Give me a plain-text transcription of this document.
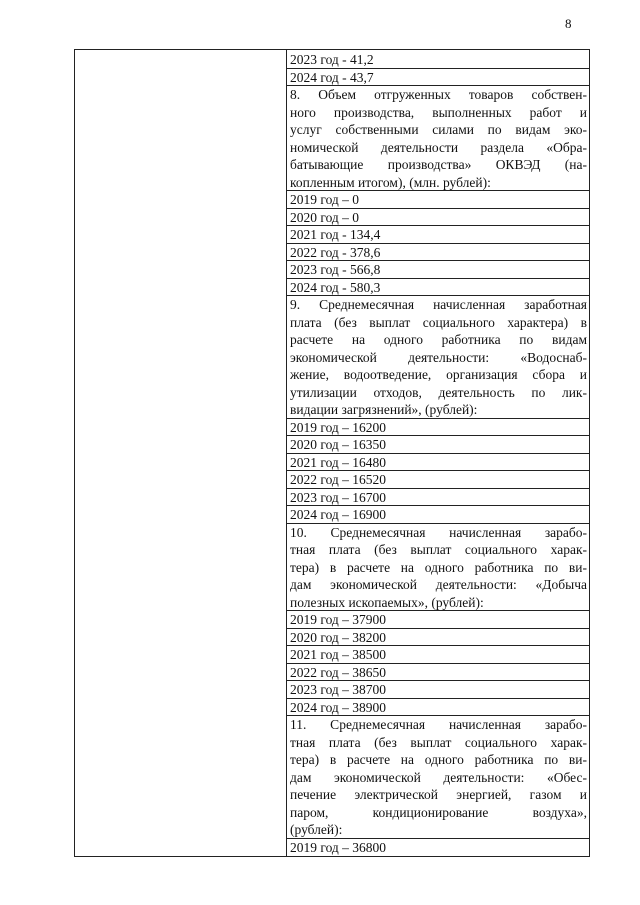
8
2023 год - 41,2
2024 год - 43,7
8. Объем отгруженных товаров собствен-
ного производства, выполненных работ и
услуг собственными силами по видам эко-
номической деятельности раздела «Обра-
батывающие производства» ОКВЭД (на-
копленным итогом), (млн. рублей):
2019 год – 0
2020 год – 0
2021 год - 134,4
2022 год - 378,6
2023 год - 566,8
2024 год - 580,3
9. Среднемесячная начисленная заработная
плата (без выплат социального характера) в
расчете на одного работника по видам
экономической деятельности: «Водоснаб-
жение, водоотведение, организация сбора и
утилизации отходов, деятельность по лик-
видации загрязнений», (рублей):
2019 год – 16200
2020 год – 16350
2021 год – 16480
2022 год – 16520
2023 год – 16700
2024 год – 16900
10. Среднемесячная начисленная зарабо-
тная плата (без выплат социального харак-
тера) в расчете на одного работника по ви-
дам экономической деятельности: «Добыча
полезных ископаемых», (рублей):
2019 год – 37900
2020 год – 38200
2021 год – 38500
2022 год – 38650
2023 год – 38700
2024 год – 38900
11. Среднемесячная начисленная зарабо-
тная плата (без выплат социального харак-
тера) в расчете на одного работника по ви-
дам экономической деятельности: «Обес-
печение электрической энергией, газом и
паром, кондиционирование воздуха»,
(рублей):
2019 год – 36800
